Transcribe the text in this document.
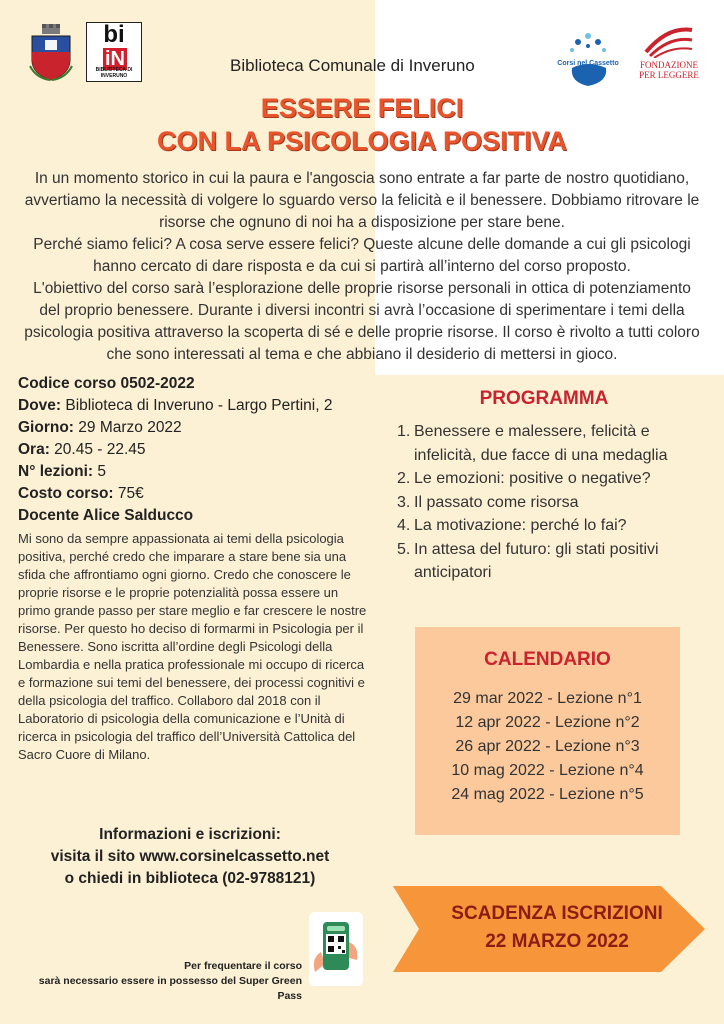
bi
iN
BIBLIOTECA DI INVERUNO
Biblioteca Comunale di Inveruno	Corsi nel Cassetto	FONDAZIONE
PER LEGGERE
ESSERE FELICI
CON LA PSICOLOGIA POSITIVA

In un momento storico in cui la paura e l'angoscia sono entrate a far parte de nostro quotidiano, avvertiamo la necessità di volgere lo sguardo verso la felicità e il benessere. Dobbiamo ritrovare le risorse che ognuno di noi ha a disposizione per stare bene.

Perché siamo felici? A cosa serve essere felici? Queste alcune delle domande a cui gli psicologi hanno cercato di dare risposta e da cui si partirà all’interno del corso proposto.

L'obiettivo del corso sarà l’esplorazione delle proprie risorse personali in ottica di potenziamento del proprio benessere. Durante i diversi incontri si avrà l’occasione di sperimentare i temi della psicologia positiva attraverso la scoperta di sé e delle proprie risorse. Il corso è rivolto a tutti coloro che sono interessati al tema e che abbiano il desiderio di mettersi in gioco.

Codice corso 0502-2022
Dove: Biblioteca di Inveruno - Largo Pertini, 2
Giorno: 29 Marzo 2022
Ora: 20.45 - 22.45
N° lezioni: 5
Costo corso: 75€
Docente Alice Salducco
Mi sono da sempre appassionata ai temi della psicologia positiva, perché credo che imparare a stare bene sia una sfida che affrontiamo ogni giorno. Credo che conoscere le proprie risorse e le proprie potenzialità possa essere un primo grande passo per stare meglio e far crescere le nostre risorse. Per questo ho deciso di formarmi in Psicologia per il Benessere. Sono iscritta all’ordine degli Psicologi della Lombardia e nella pratica professionale mi occupo di ricerca e formazione sui temi del benessere, dei processi cognitivi e della psicologia del traffico. Collaboro dal 2018 con il Laboratorio di psicologia della comunicazione e l’Unità di ricerca in psicologia del traffico dell’Università Cattolica del Sacro Cuore di Milano.
Informazioni e iscrizioni:
visita il sito www.corsinelcassetto.net
o chiedi in biblioteca (02-9788121)
Per frequentare il corso
sarà necessario essere in possesso del Super Green Pass
PROGRAMMA
1. Benessere e malessere, felicità e infelicità, due facce di una medaglia
2. Le emozioni: positive o negative?
3. Il passato come risorsa
4. La motivazione: perché lo fai?
5. In attesa del futuro: gli stati positivi anticipatori
CALENDARIO
29 mar 2022 - Lezione n°1
12 apr 2022 - Lezione n°2
26 apr 2022 - Lezione n°3
10 mag 2022 - Lezione n°4
24 mag 2022 - Lezione n°5
SCADENZA ISCRIZIONI
22 MARZO 2022
